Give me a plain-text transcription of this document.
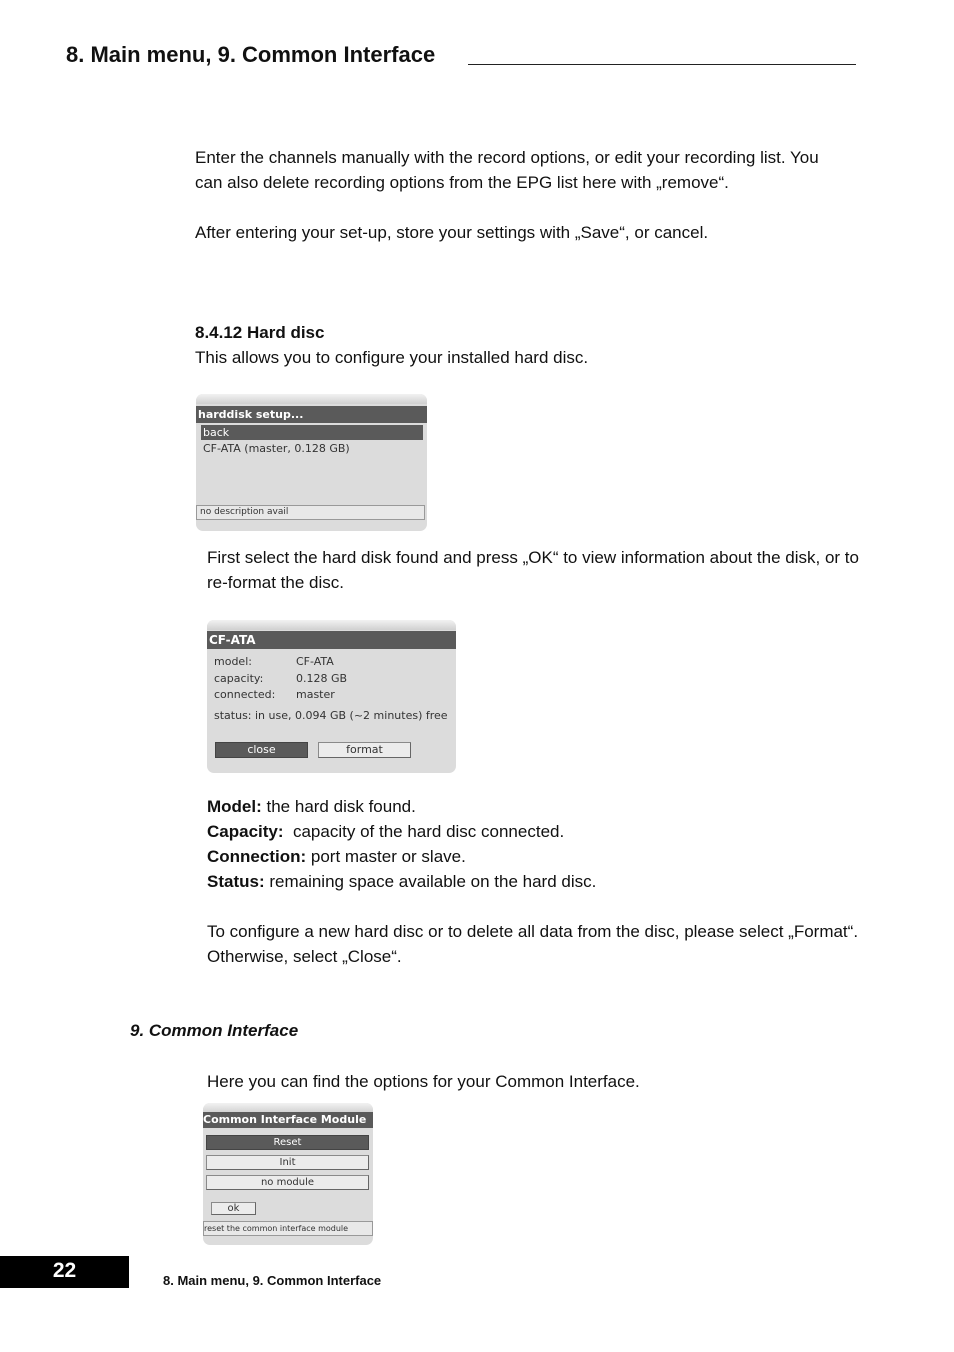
8. Main menu, 9. Common Interface

Enter the channels manually with the record options, or edit your recording list. You can also delete recording options from the EPG list here with „remove“.

After entering your set-up, store your settings with „Save“, or cancel.

8.4.12 Hard disc

This allows you to configure your installed hard disc.

harddisk setup...
back
CF-ATA (master, 0.128 GB)
no description avail
First select the hard disk found and press „OK“ to view information about the disk, or to re-format the disc.
CF-ATA
model:
capacity:
connected:
CF-ATA
0.128 GB
master
status: in use, 0.094 GB (~2 minutes) free
close	format

Model: the hard disk found.

Capacity:  capacity of the hard disc connected.

Connection: port master or slave.

Status: remaining space available on the hard disc.

To configure a new hard disc or to delete all data from the disc, please select „Format“. Otherwise, select „Close“.

9. Common Interface
Here you can find the options for your Common Interface.
Common Interface Module
Reset
Init
no module
ok
reset the common interface module
22	8. Main menu, 9. Common Interface
